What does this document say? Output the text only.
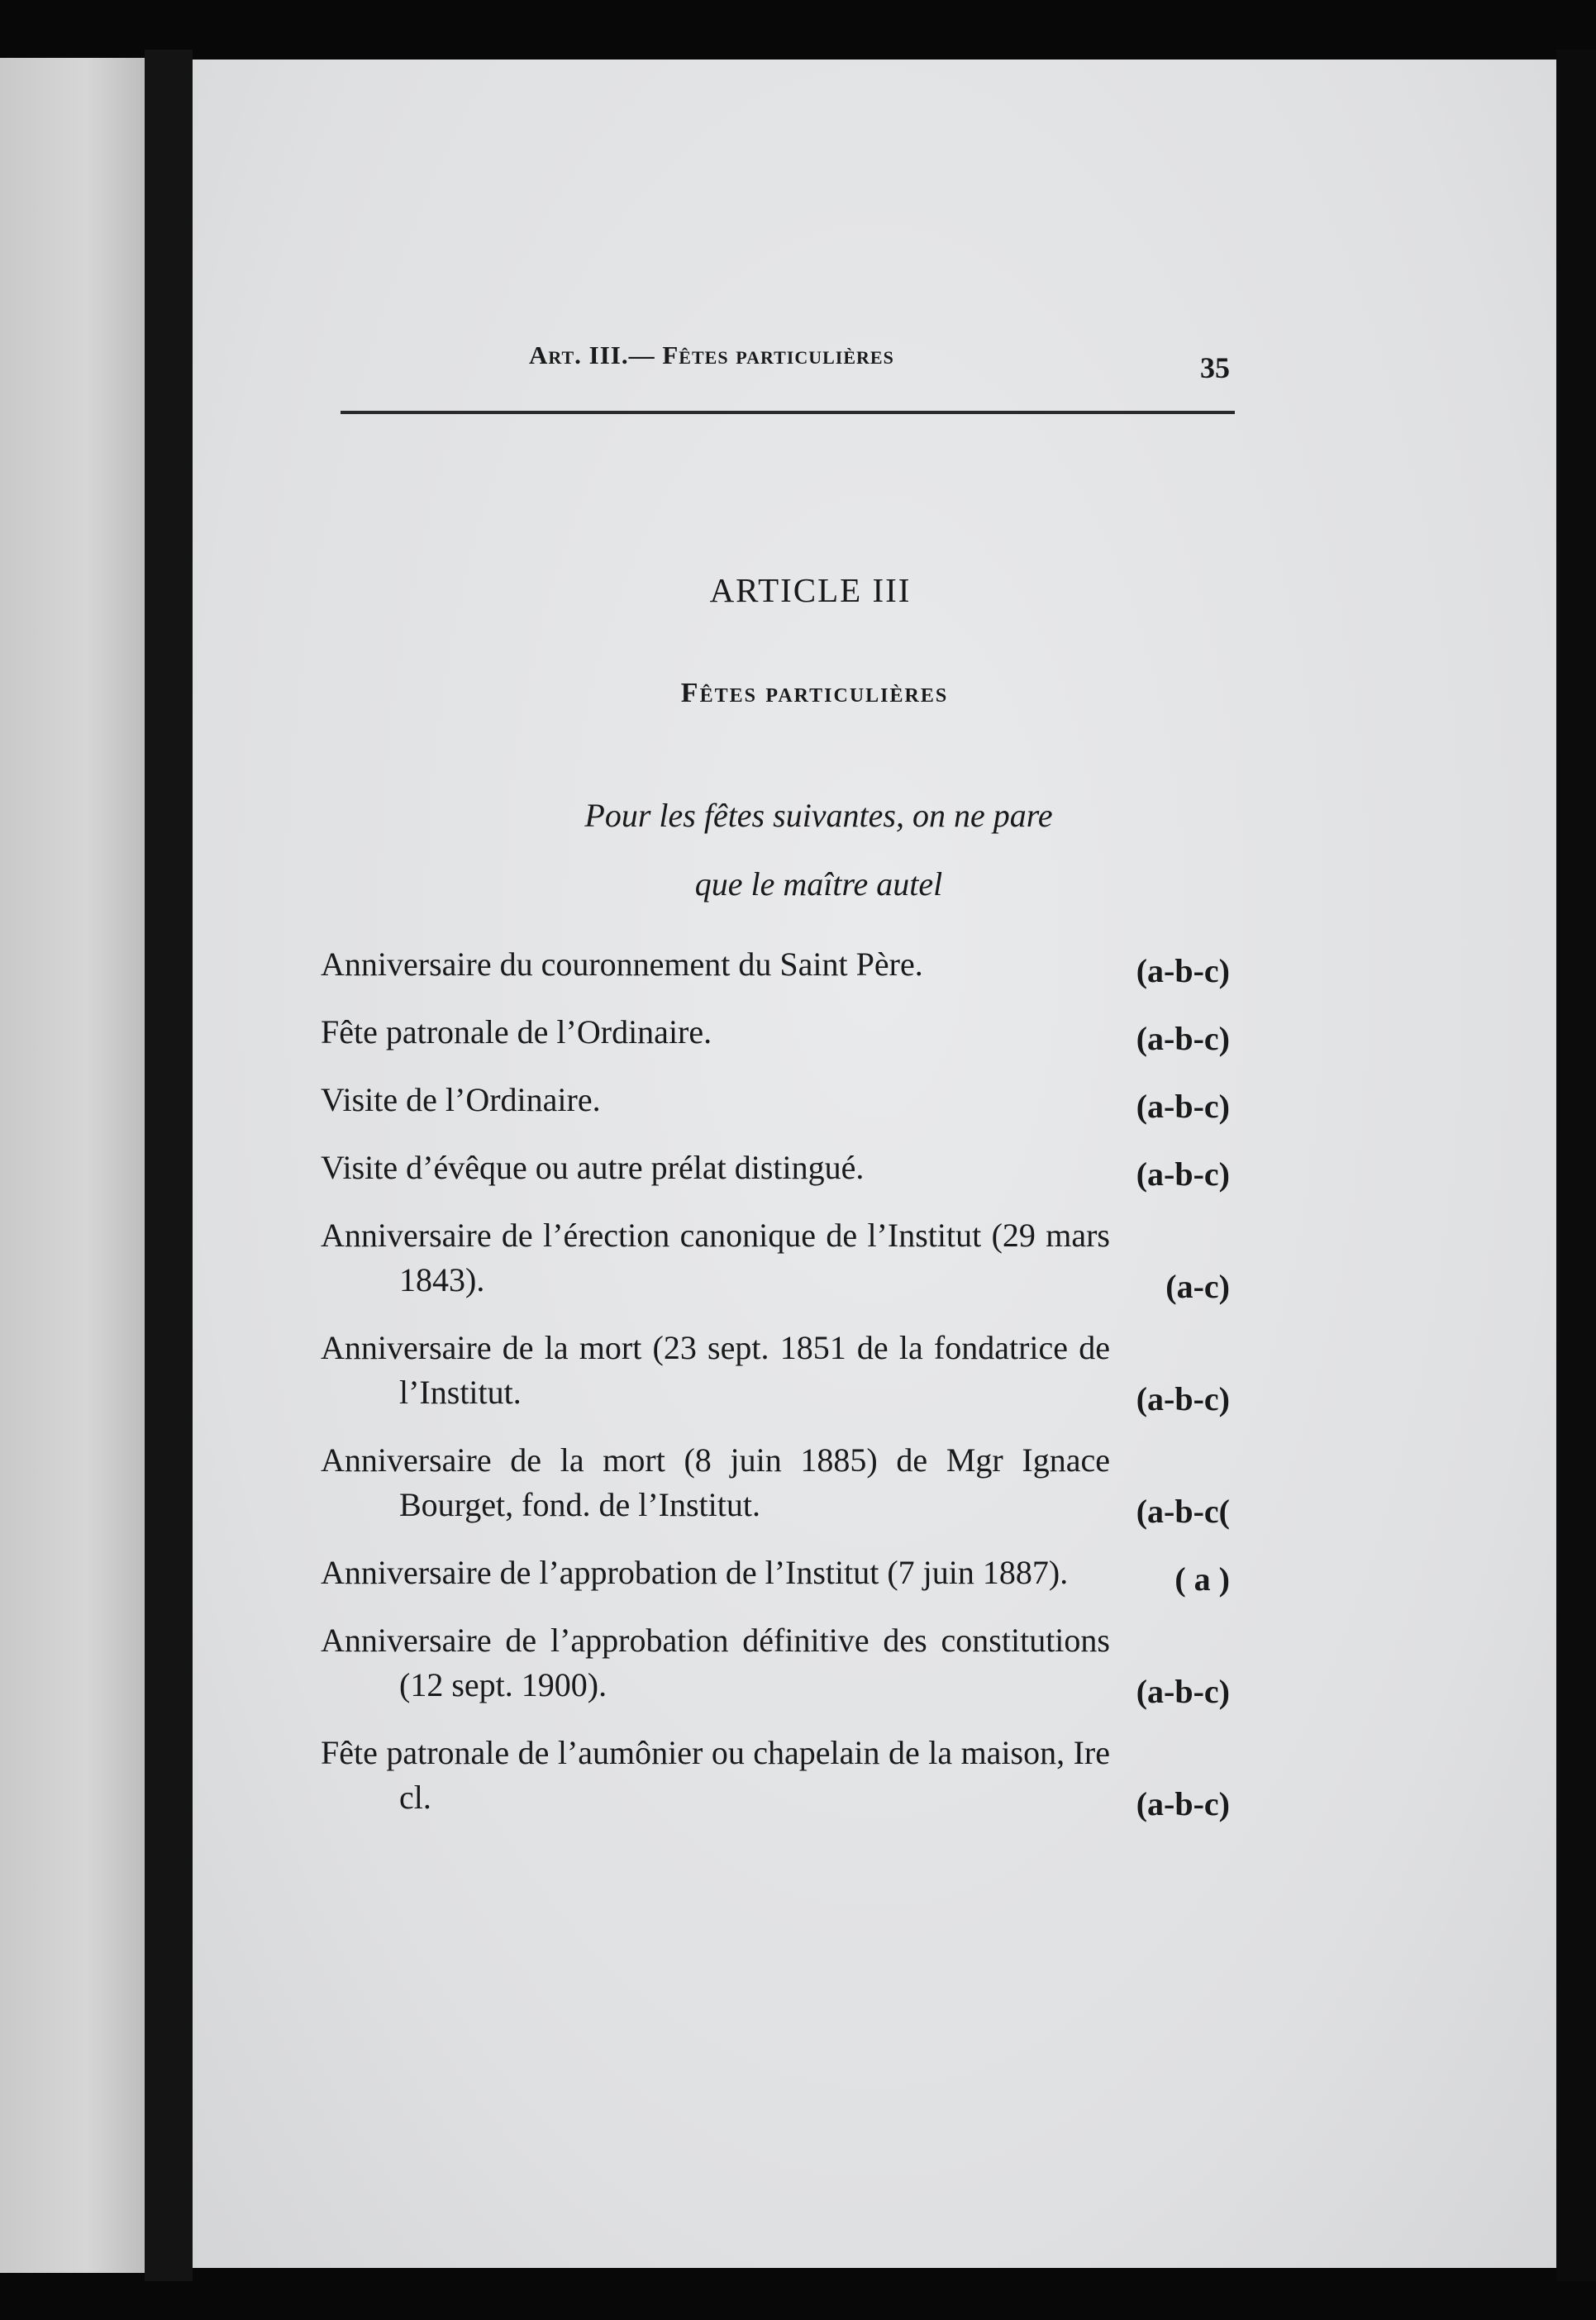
Art. III.— Fêtes particulières	35
ARTICLE III
Fêtes particulières
Pour les fêtes suivantes, on ne pare
que le maître autel
Anniversaire du couronnement du Saint Père.	(a-b-c)
Fête patronale de l’Ordinaire.	(a-b-c)
Visite de l’Ordinaire.	(a-b-c)
Visite d’évêque ou autre prélat distingué.	(a-b-c)
Anniversaire de l’érection canonique de l’Institut (29 mars 1843).	(a-c)
Anniversaire de la mort (23 sept. 1851 de la fondatrice de l’Institut.	(a-b-c)
Anniversaire de la mort (8 juin 1885) de Mgr Ignace Bourget, fond. de l’Institut.	(a-b-c(
Anniversaire de l’approbation de l’Institut (7 juin 1887).	( a )
Anniversaire de l’approbation définitive des constitutions (12 sept. 1900).	(a-b-c)
Fête patronale de l’aumônier ou chapelain de la maison, Ire cl.	(a-b-c)
